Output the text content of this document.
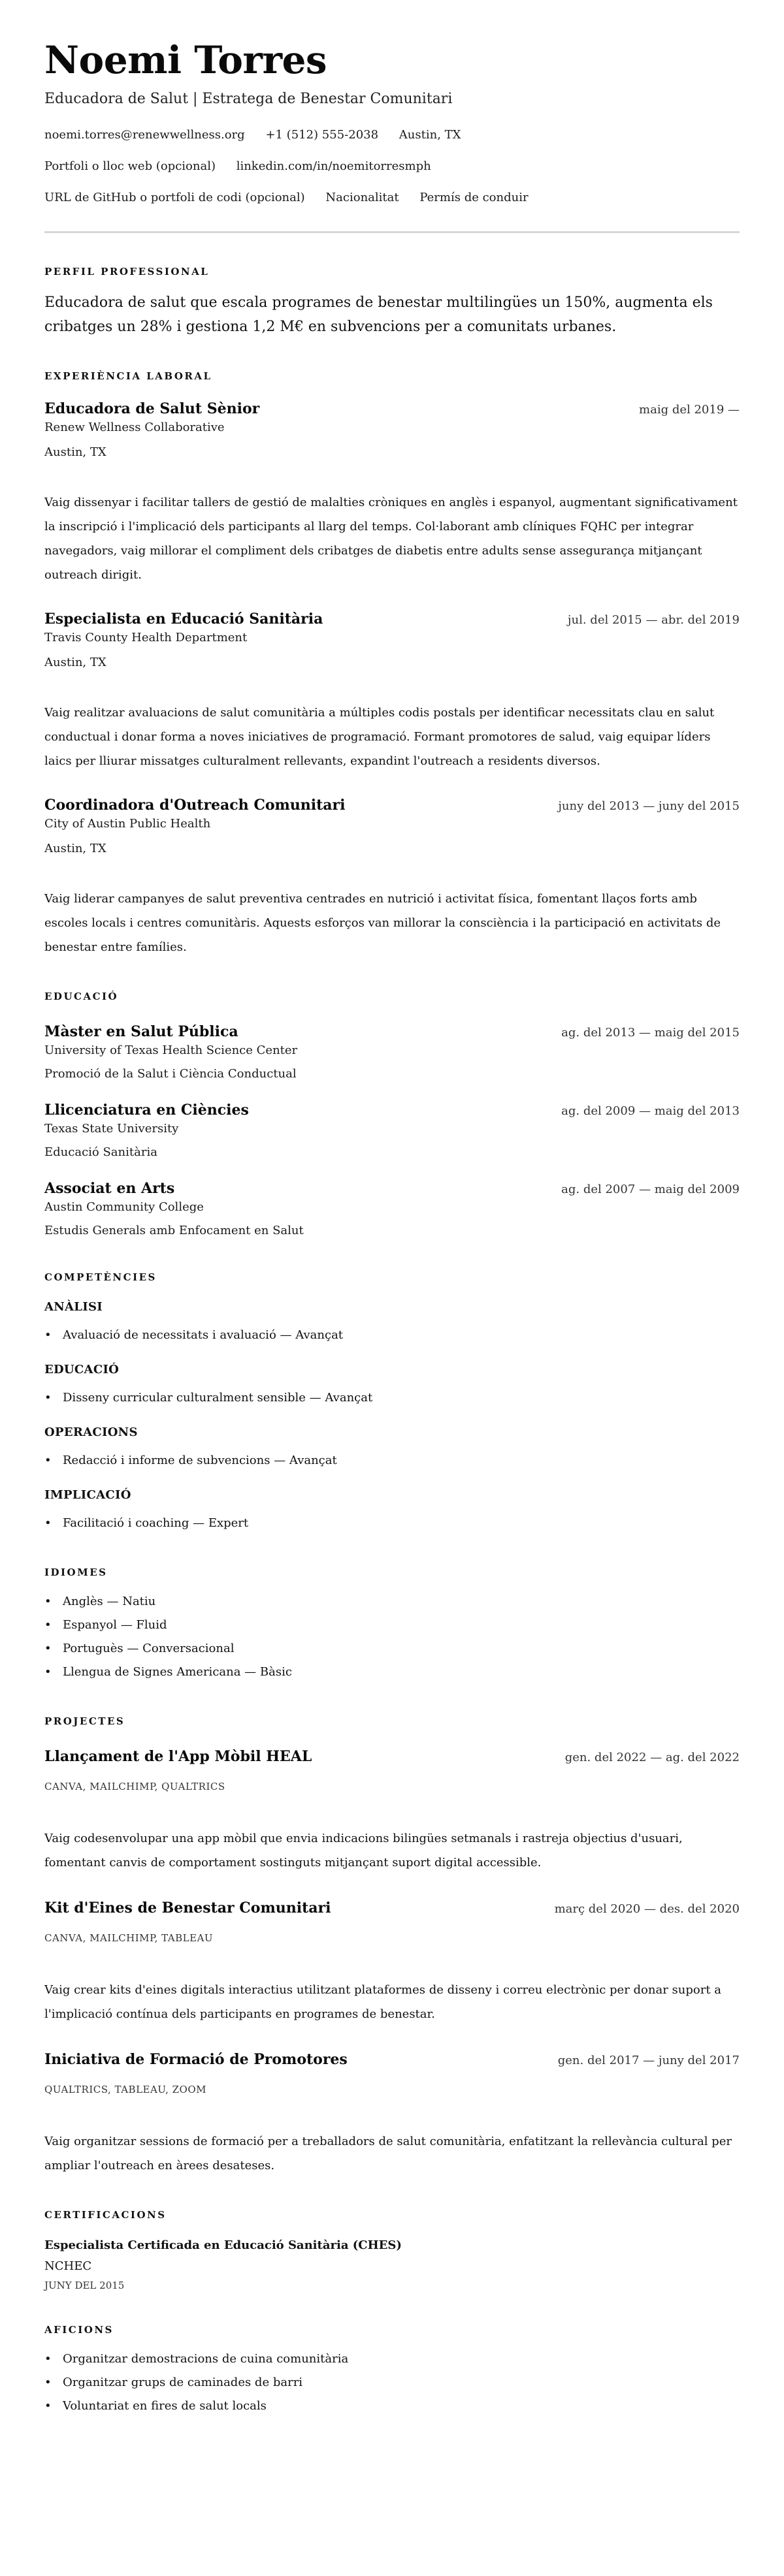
Noemi Torres
Educadora de Salut | Estratega de Benestar Comunitari
noemi.torres@renewwellness.org +1 (512) 555-2038 Austin, TX
Portfoli o lloc web (opcional) linkedin.com/in/noemitorresmph
URL de GitHub o portfoli de codi (opcional) Nacionalitat Permís de conduir
PERFIL PROFESSIONAL

Educadora de salut que escala programes de benestar multilingües un 150%, augmenta els cribatges un 28% i gestiona 1,2 M€ en subvencions per a comunitats urbanes.

EXPERIÈNCIA LABORAL
Educadora de Salut Sènior	maig del 2019 —
Renew Wellness Collaborative
Austin, TX
Vaig dissenyar i facilitar tallers de gestió de malalties cròniques en anglès i espanyol, augmentant significativament la inscripció i l'implicació dels participants al llarg del temps. Col·laborant amb clíniques FQHC per integrar navegadors, vaig millorar el compliment dels cribatges de diabetis entre adults sense assegurança mitjançant outreach dirigit.
Especialista en Educació Sanitària	jul. del 2015 — abr. del 2019
Travis County Health Department
Austin, TX
Vaig realitzar avaluacions de salut comunitària a múltiples codis postals per identificar necessitats clau en salut conductual i donar forma a noves iniciatives de programació. Formant promotores de salud, vaig equipar líders laics per lliurar missatges culturalment rellevants, expandint l'outreach a residents diversos.
Coordinadora d'Outreach Comunitari	juny del 2013 — juny del 2015
City of Austin Public Health
Austin, TX
Vaig liderar campanyes de salut preventiva centrades en nutrició i activitat física, fomentant llaços forts amb escoles locals i centres comunitàris. Aquests esforços van millorar la consciència i la participació en activitats de benestar entre famílies.
EDUCACIÓ
Màster en Salut Pública	ag. del 2013 — maig del 2015
University of Texas Health Science Center
Promoció de la Salut i Ciència Conductual
Llicenciatura en Ciències	ag. del 2009 — maig del 2013
Texas State University
Educació Sanitària
Associat en Arts	ag. del 2007 — maig del 2009
Austin Community College
Estudis Generals amb Enfocament en Salut
COMPETÈNCIES
ANÀLISI
• Avaluació de necessitats i avaluació — Avançat
EDUCACIÓ
• Disseny curricular culturalment sensible — Avançat
OPERACIONS
• Redacció i informe de subvencions — Avançat
IMPLICACIÓ
• Facilitació i coaching — Expert
IDIOMES
• Anglès — Natiu
• Espanyol — Fluid
• Portuguès — Conversacional
• Llengua de Signes Americana — Bàsic
PROJECTES
Llançament de l'App Mòbil HEAL	gen. del 2022 — ag. del 2022
CANVA, MAILCHIMP, QUALTRICS
Vaig codesenvolupar una app mòbil que envia indicacions bilingües setmanals i rastreja objectius d'usuari, fomentant canvis de comportament sostinguts mitjançant suport digital accessible.
Kit d'Eines de Benestar Comunitari	març del 2020 — des. del 2020
CANVA, MAILCHIMP, TABLEAU
Vaig crear kits d'eines digitals interactius utilitzant plataformes de disseny i correu electrònic per donar suport a l'implicació contínua dels participants en programes de benestar.
Iniciativa de Formació de Promotores	gen. del 2017 — juny del 2017
QUALTRICS, TABLEAU, ZOOM
Vaig organitzar sessions de formació per a treballadors de salut comunitària, enfatitzant la rellevància cultural per ampliar l'outreach en àrees desateses.
CERTIFICACIONS
Especialista Certificada en Educació Sanitària (CHES)
NCHEC
JUNY DEL 2015
AFICIONS
• Organitzar demostracions de cuina comunitària
• Organitzar grups de caminades de barri
• Voluntariat en fires de salut locals
